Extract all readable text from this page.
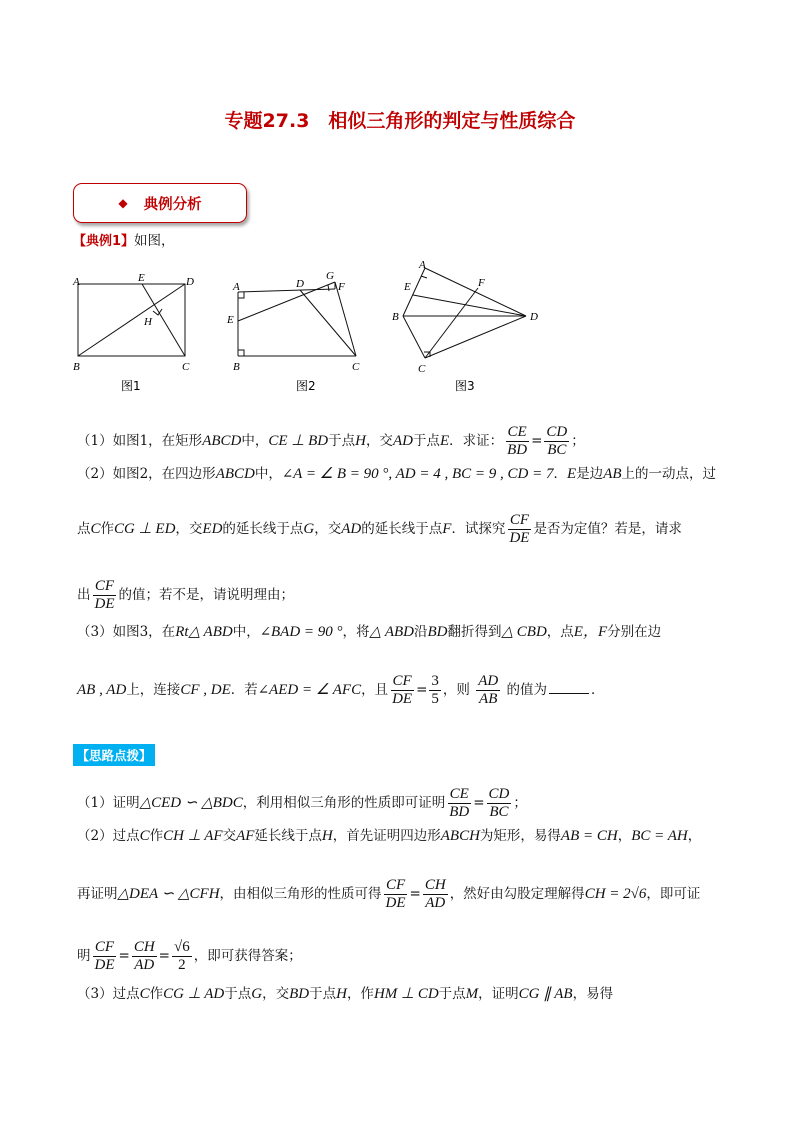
专题27.3　相似三角形的判定与性质综合
◆ 典例分析
【典例1】如图，
A	E	D
H
B	C
图1
A	D
G
F
E
B	C
图2
A
E	F
B	D
C
图3
（1）如图1，在矩形ABCD中，CE ⊥ BD于点H，交AD于点E．求证： $\frac{CE}{BD} = \frac{CD}{BC}$ ；
（2）如图2，在四边形ABCD中，∠A = ∠ B = 90 °, AD = 4 , BC = 9 , CD = 7．E是边AB上的一动点，过
点C作CG ⊥ ED，交ED的延长线于点G，交AD的延长线于点F．试探究 $\frac{CF}{DE}$ 是否为定值？若是，请求
出 $\frac{CF}{DE}$ 的值；若不是，请说明理由；
（3）如图3，在Rt△ ABD中，∠BAD = 90 °，将△ ABD沿BD翻折得到△ CBD，点E，F分别在边
AB , AD上，连接CF , DE．若∠AED = ∠ AFC，且 $\frac{CF}{DE} = \frac{3}{5}$ ，则 $\frac{AD}{AB}$ 的值为	．
【思路点拨】
（1）证明△CED ∽ △BDC，利用相似三角形的性质即可证明 $\frac{CE}{BD} = \frac{CD}{BC}$ ；
（2）过点C作CH ⊥ AF交AF延长线于点H，首先证明四边形ABCH为矩形，易得AB = CH，BC = AH，
再证明△DEA ∽ △CFH，由相似三角形的性质可得 $\frac{CF}{DE} = \frac{CH}{AD}$ ，然好由勾股定理解得CH = 2√6，即可证
明 $\frac{CF}{DE} = \frac{CH}{AD} = \frac{√6}{2}$ ，即可获得答案；
（3）过点C作CG ⊥ AD于点G，交BD于点H，作HM ⊥ CD于点M，证明CG ∥ AB，易得
